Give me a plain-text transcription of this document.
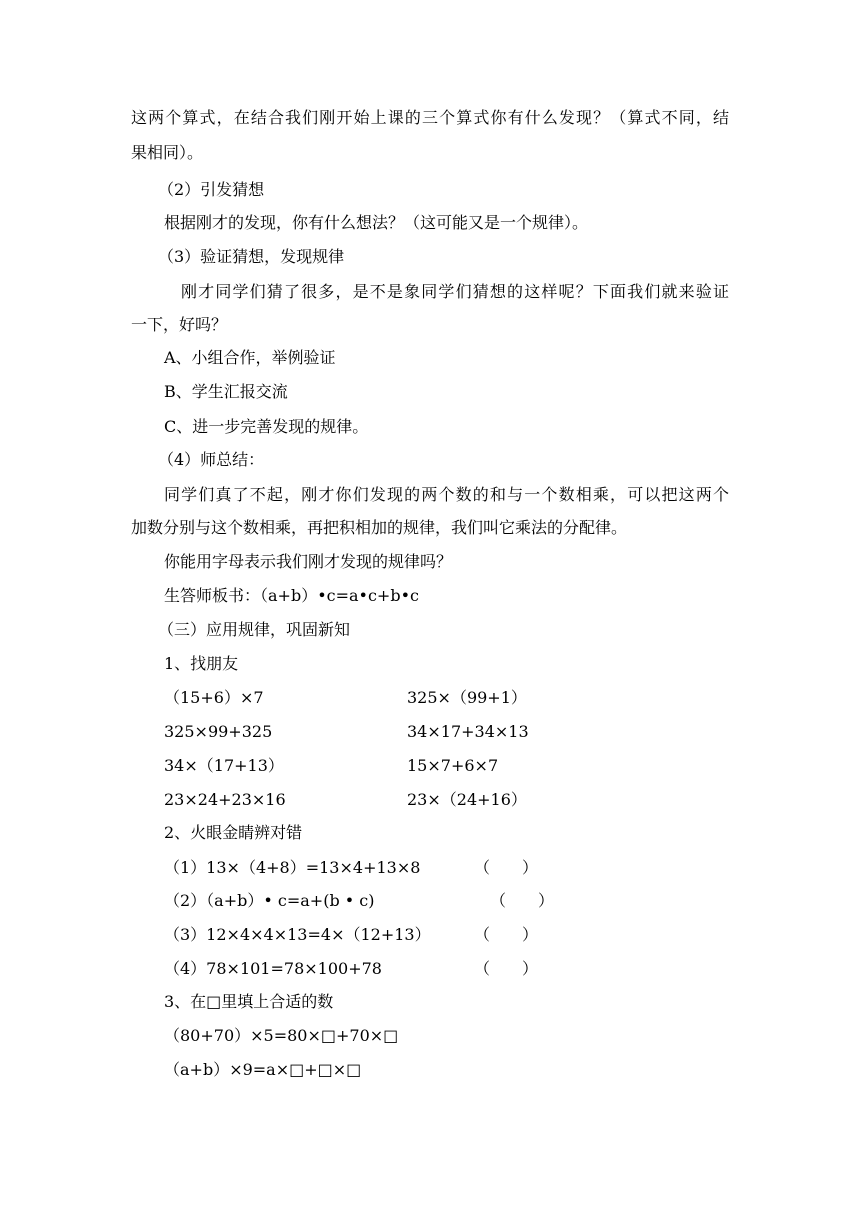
这两个算式，在结合我们刚开始上课的三个算式你有什么发现？（算式不同，结
果相同）。
（2）引发猜想
根据刚才的发现，你有什么想法？（这可能又是一个规律）。
（3）验证猜想，发现规律
刚才同学们猜了很多，是不是象同学们猜想的这样呢？下面我们就来验证
一下，好吗？
A、小组合作，举例验证
B、学生汇报交流
C、进一步完善发现的规律。
（4）师总结：
同学们真了不起，刚才你们发现的两个数的和与一个数相乘，可以把这两个
加数分别与这个数相乘，再把积相加的规律，我们叫它乘法的分配律。
你能用字母表示我们刚才发现的规律吗？
生答师板书：（a+b）•c=a•c+b•c
（三）应用规律，巩固新知
1、找朋友
（15+6）×7	325×（99+1）
325×99+325	34×17+34×13
34×（17+13）	15×7+6×7
23×24+23×16	23×（24+16）
2、火眼金睛辨对错
（1）13×（4+8）=13×4+13×8	（　　）
（2）（a+b）• c=a+(b • c)	（　　）
（3）12×4×4×13=4×（12+13）	（　　）
（4）78×101=78×100+78	（　　）
3、在□里填上合适的数
（80+70）×5=80×□+70×□
（a+b）×9=a×□+□×□
